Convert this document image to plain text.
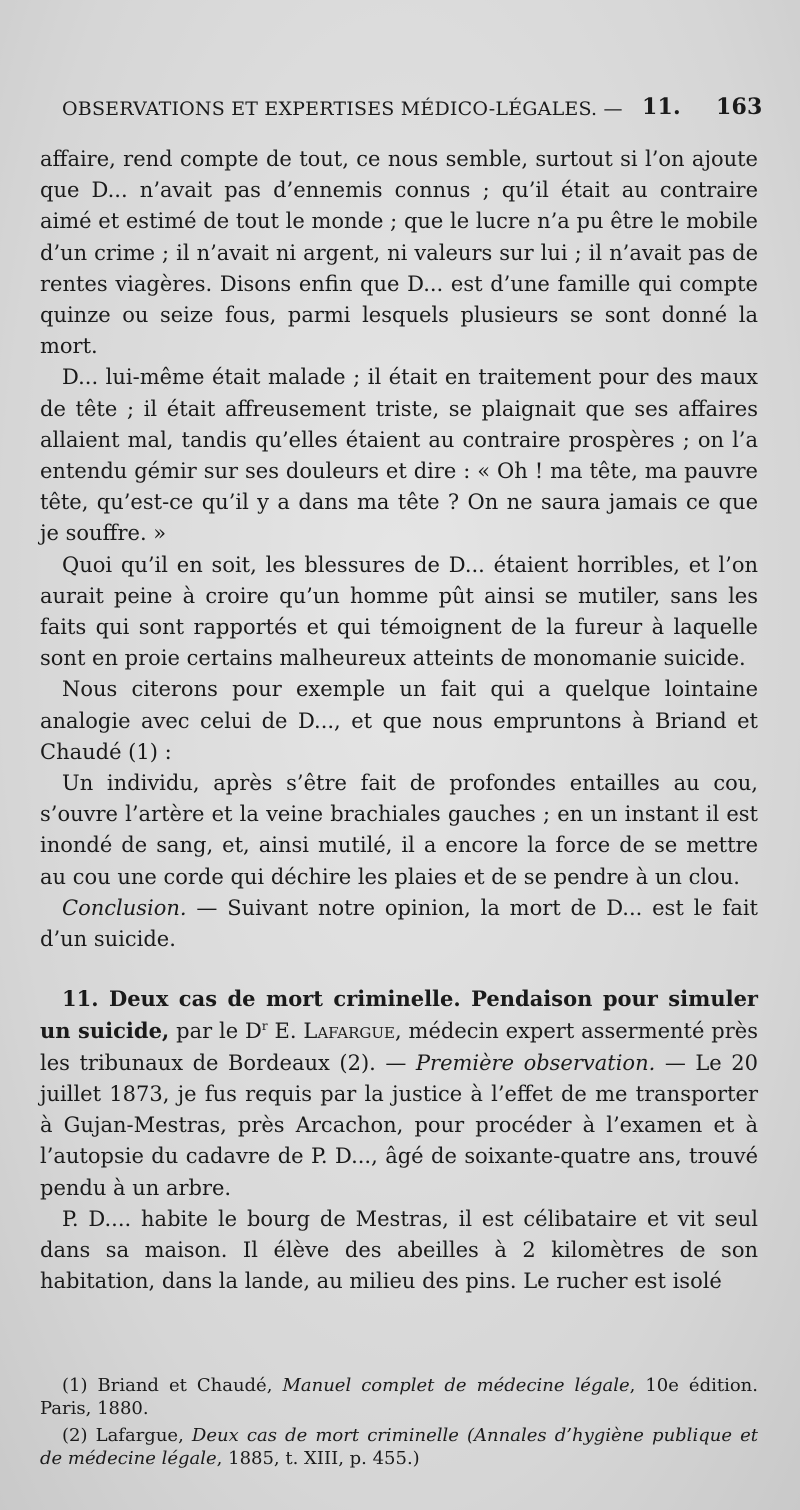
OBSERVATIONS ET EXPERTISES MÉDICO-LÉGALES. — 11. 163

affaire, rend compte de tout, ce nous semble, surtout si l’on ajoute que D... n’avait pas d’ennemis connus ; qu’il était au contraire aimé et estimé de tout le monde ; que le lucre n’a pu être le mobile d’un crime ; il n’avait ni argent, ni valeurs sur lui ; il n’avait pas de rentes viagères. Disons enfin que D... est d’une famille qui compte quinze ou seize fous, parmi lesquels plusieurs se sont donné la mort.

D... lui-même était malade ; il était en traitement pour des maux de tête ; il était affreusement triste, se plaignait que ses affaires allaient mal, tandis qu’elles étaient au contraire prospères ; on l’a entendu gémir sur ses douleurs et dire : « Oh ! ma tête, ma pauvre tête, qu’est-ce qu’il y a dans ma tête ? On ne saura jamais ce que je souffre. »

Quoi qu’il en soit, les blessures de D... étaient horribles, et l’on aurait peine à croire qu’un homme pût ainsi se mutiler, sans les faits qui sont rapportés et qui témoignent de la fureur à laquelle sont en proie certains malheureux atteints de monomanie suicide.

Nous citerons pour exemple un fait qui a quelque lointaine analogie avec celui de D..., et que nous empruntons à Briand et Chaudé (1) :

Un individu, après s’être fait de profondes entailles au cou, s’ouvre l’artère et la veine brachiales gauches ; en un instant il est inondé de sang, et, ainsi mutilé, il a encore la force de se mettre au cou une corde qui déchire les plaies et de se pendre à un clou.

Conclusion. — Suivant notre opinion, la mort de D... est le fait d’un suicide.

11. Deux cas de mort criminelle. Pendaison pour simuler un suicide, par le $D^r$ E. Lafargue, médecin expert assermenté près les tribunaux de Bordeaux (2). — Première observation. — Le 20 juillet 1873, je fus requis par la justice à l’effet de me transporter à Gujan-Mestras, près Arcachon, pour procéder à l’examen et à l’autopsie du cadavre de P. D..., âgé de soixante-quatre ans, trouvé pendu à un arbre.

P. D.... habite le bourg de Mestras, il est célibataire et vit seul dans sa maison. Il élève des abeilles à 2 kilomètres de son habitation, dans la lande, au milieu des pins. Le rucher est isolé

(1) Briand et Chaudé, Manuel complet de médecine légale, 10e édition. Paris, 1880.

(2) Lafargue, Deux cas de mort criminelle (Annales d’hygiène publique et de médecine légale, 1885, t. XIII, p. 455.)
